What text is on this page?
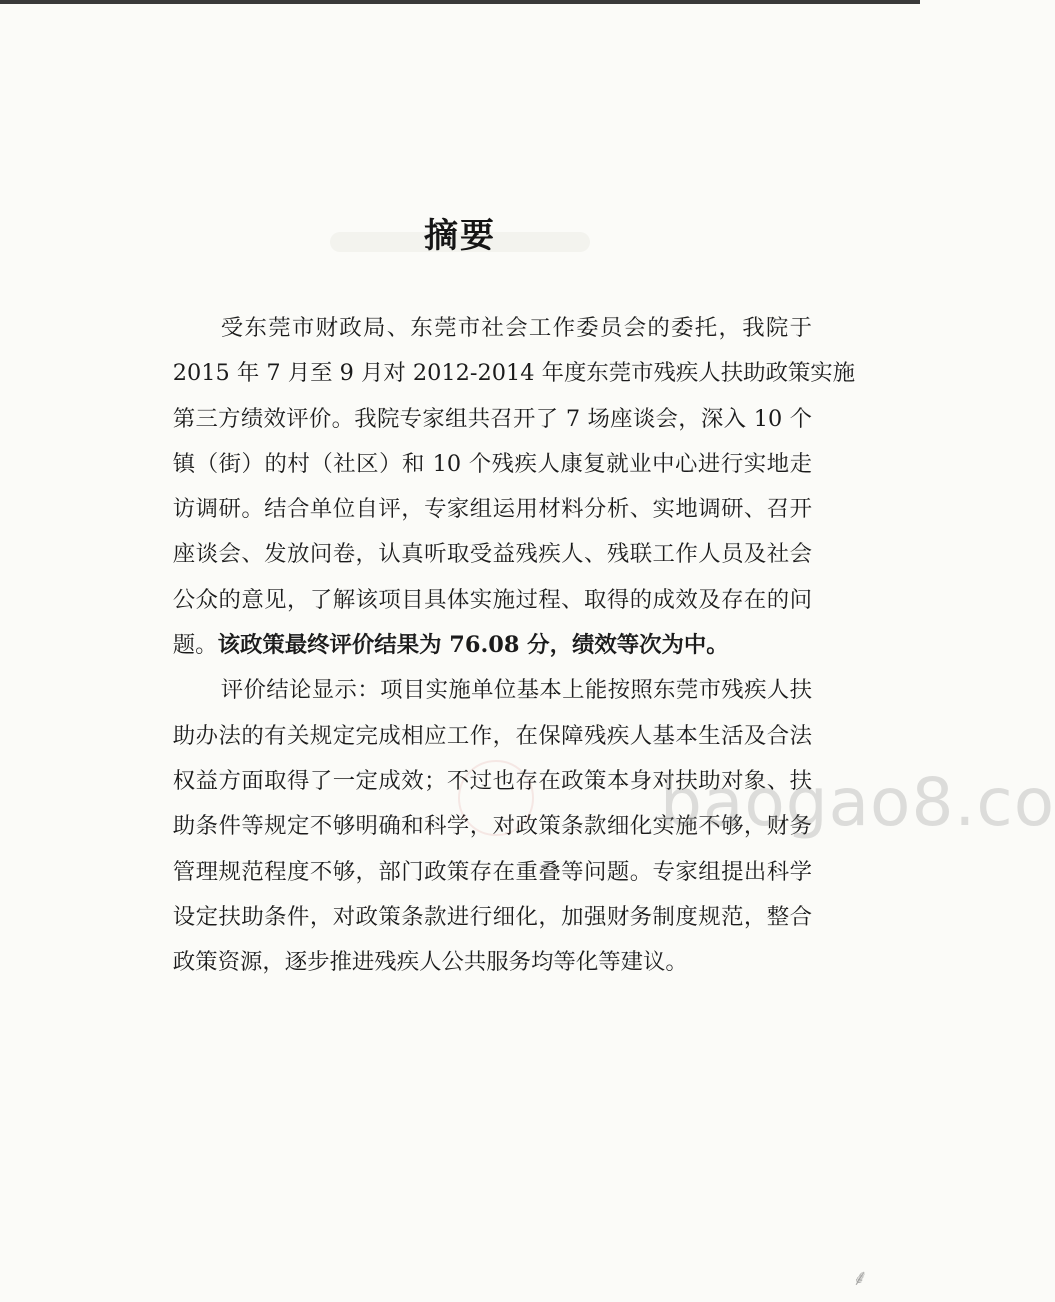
摘要
受东莞市财政局、东莞市社会工作委员会的委托，我院于
2015 年 7 月至 9 月对 2012-2014 年度东莞市残疾人扶助政策实施
第三方绩效评价。我院专家组共召开了 7 场座谈会，深入 10 个
镇（街）的村（社区）和 10 个残疾人康复就业中心进行实地走
访调研。结合单位自评，专家组运用材料分析、实地调研、召开
座谈会、发放问卷，认真听取受益残疾人、残联工作人员及社会
公众的意见，了解该项目具体实施过程、取得的成效及存在的问
题。该政策最终评价结果为 76.08 分，绩效等次为中。
评价结论显示：项目实施单位基本上能按照东莞市残疾人扶
助办法的有关规定完成相应工作，在保障残疾人基本生活及合法
权益方面取得了一定成效；不过也存在政策本身对扶助对象、扶
助条件等规定不够明确和科学，对政策条款细化实施不够，财务
管理规范程度不够，部门政策存在重叠等问题。专家组提出科学
设定扶助条件，对政策条款进行细化，加强财务制度规范，整合
政策资源，逐步推进残疾人公共服务均等化等建议。
baogao8.co
⸙
